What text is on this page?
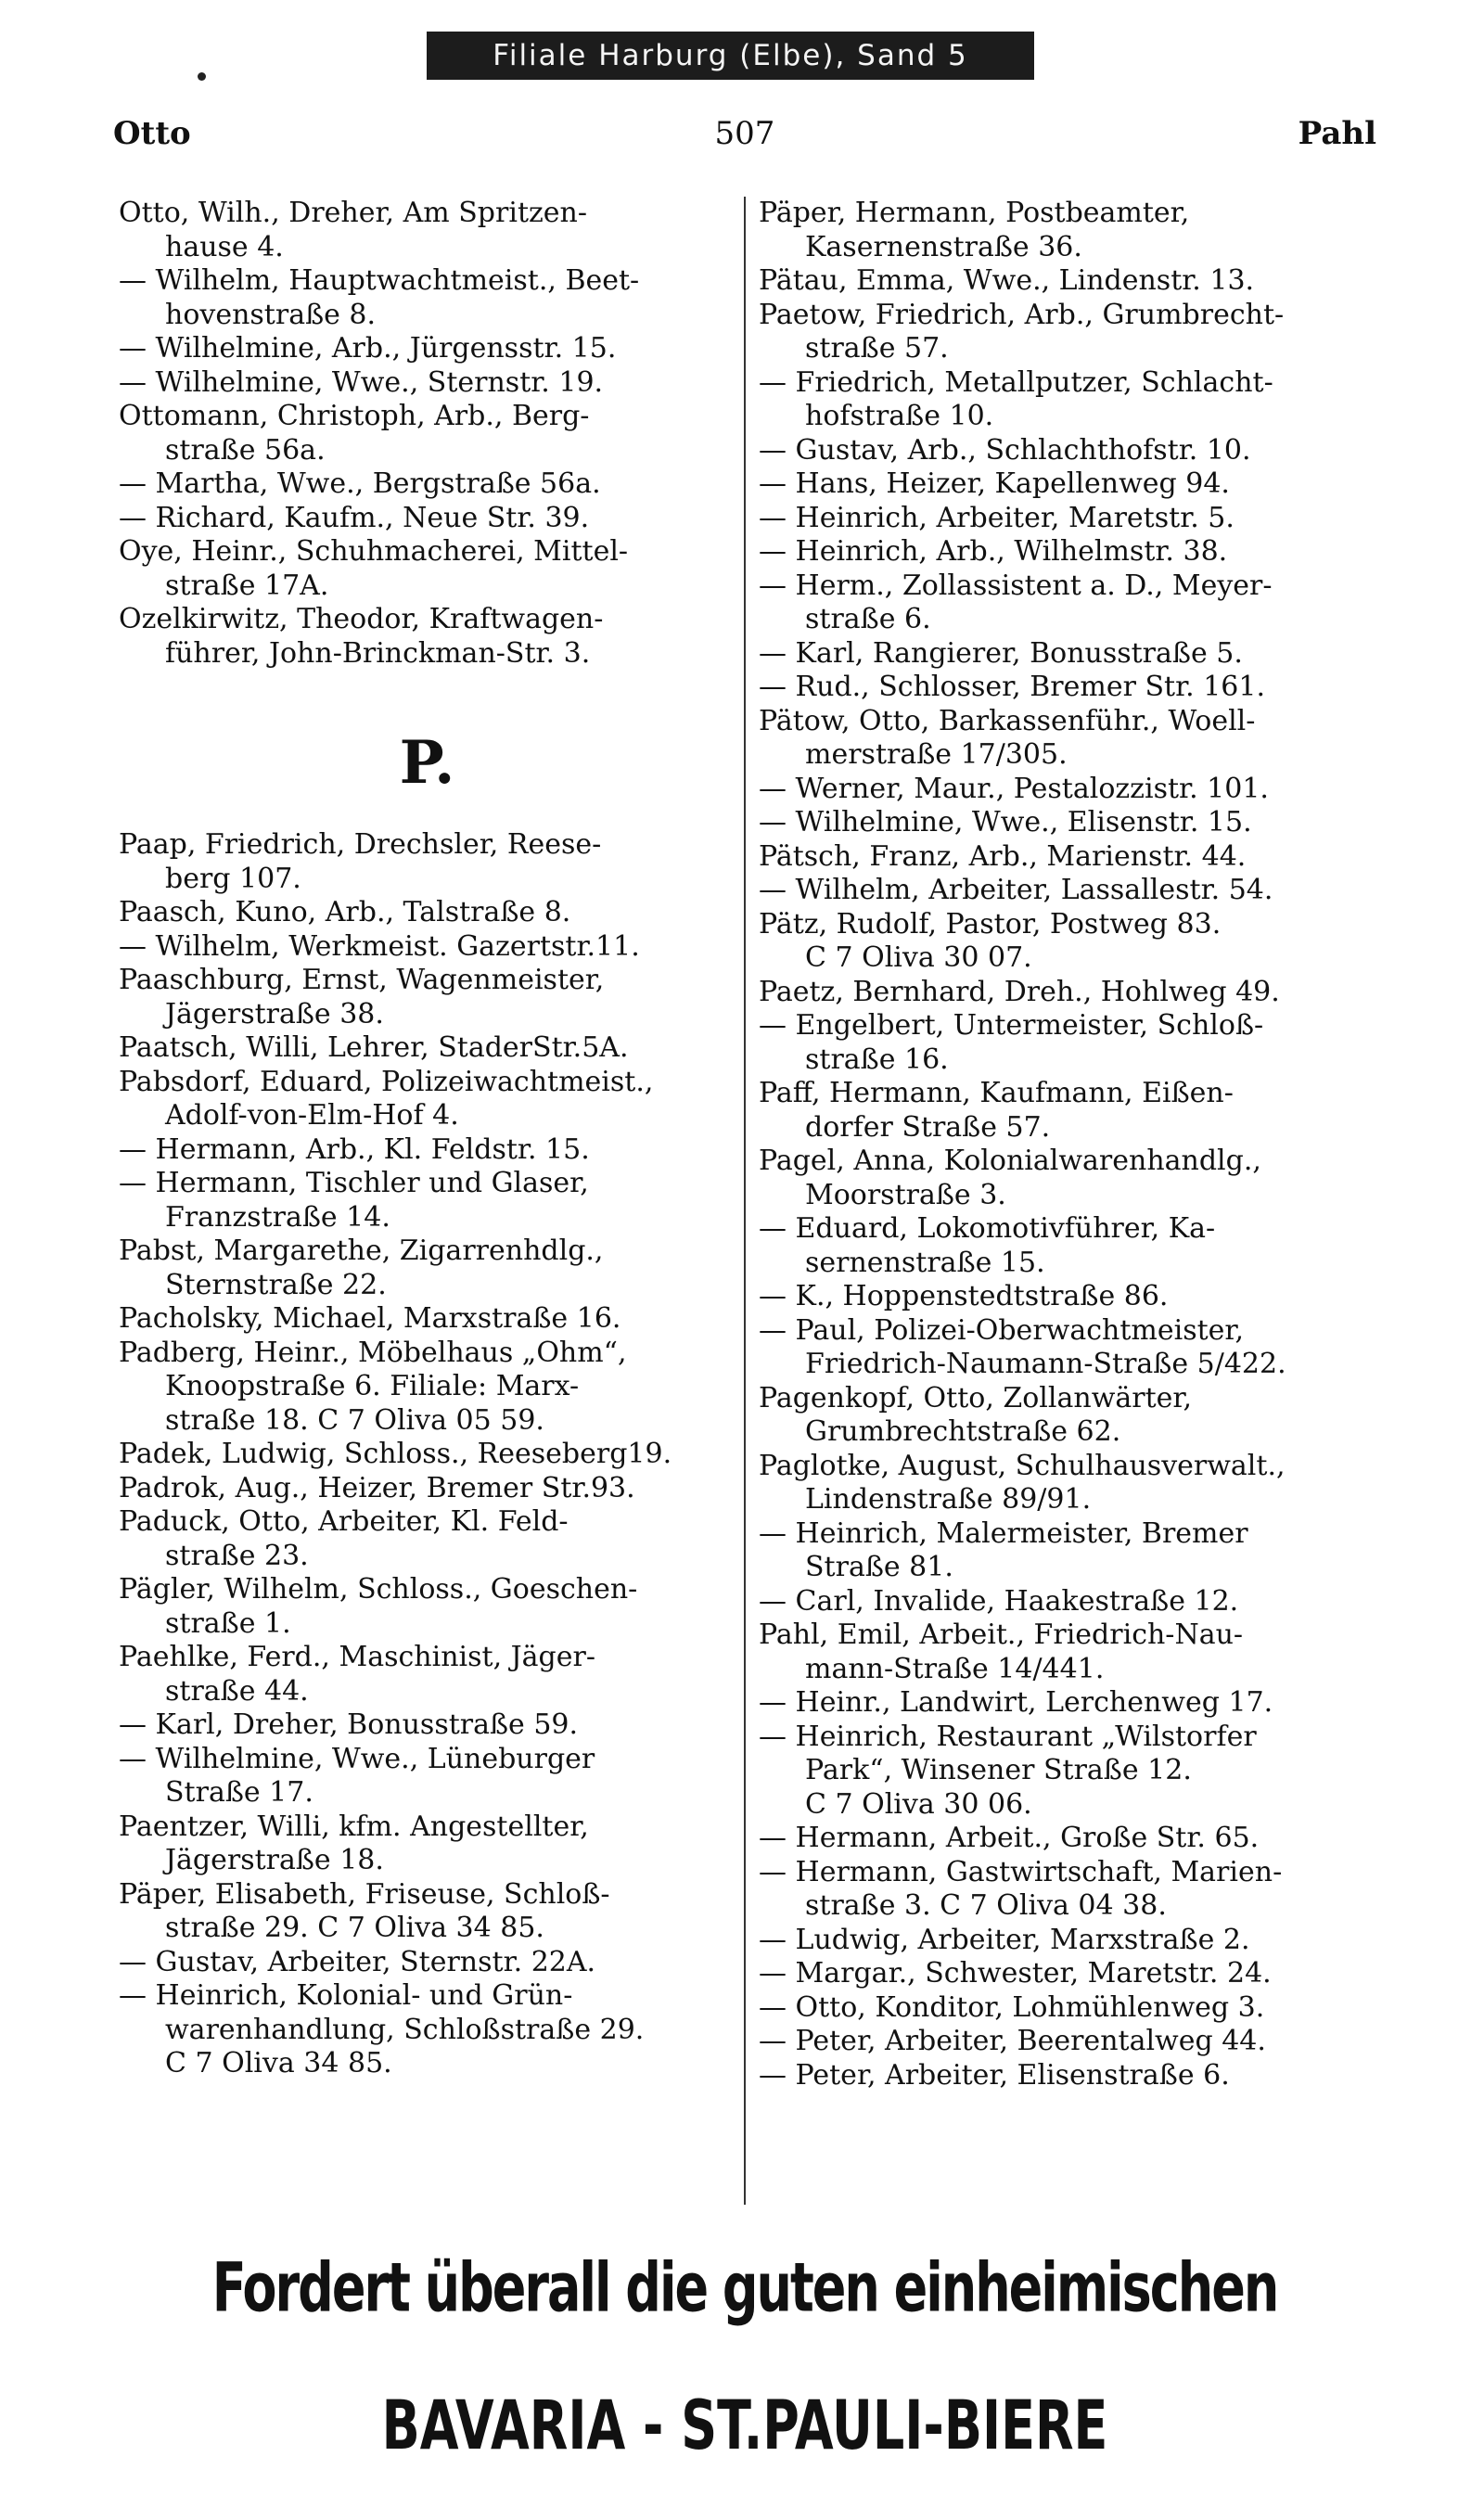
Filiale Harburg (Elbe), Sand 5
Otto	507	Pahl
Otto, Wilh., Dreher, Am Spritzen-
hause 4.
— Wilhelm, Hauptwachtmeist., Beet-
hovenstraße 8.
— Wilhelmine, Arb., Jürgensstr. 15.
— Wilhelmine, Wwe., Sternstr. 19.
Ottomann, Christoph, Arb., Berg-
straße 56a.
— Martha, Wwe., Bergstraße 56a.
— Richard, Kaufm., Neue Str. 39.
Oye, Heinr., Schuhmacherei, Mittel-
straße 17A.
Ozelkirwitz, Theodor, Kraftwagen-
führer, John-Brinckman-Str. 3.
P.
Paap, Friedrich, Drechsler, Reese-
berg 107.
Paasch, Kuno, Arb., Talstraße 8.
— Wilhelm, Werkmeist. Gazertstr.11.
Paaschburg, Ernst, Wagenmeister,
Jägerstraße 38.
Paatsch, Willi, Lehrer, StaderStr.5A.
Pabsdorf, Eduard, Polizeiwachtmeist.,
Adolf-von-Elm-Hof 4.
— Hermann, Arb., Kl. Feldstr. 15.
— Hermann, Tischler und Glaser,
Franzstraße 14.
Pabst, Margarethe, Zigarrenhdlg.,
Sternstraße 22.
Pacholsky, Michael, Marxstraße 16.
Padberg, Heinr., Möbelhaus „Ohm“,
Knoopstraße 6. Filiale: Marx-
straße 18. C 7 Oliva 05 59.
Padek, Ludwig, Schloss., Reeseberg19.
Padrok, Aug., Heizer, Bremer Str.93.
Paduck, Otto, Arbeiter, Kl. Feld-
straße 23.
Pägler, Wilhelm, Schloss., Goeschen-
straße 1.
Paehlke, Ferd., Maschinist, Jäger-
straße 44.
— Karl, Dreher, Bonusstraße 59.
— Wilhelmine, Wwe., Lüneburger
Straße 17.
Paentzer, Willi, kfm. Angestellter,
Jägerstraße 18.
Päper, Elisabeth, Friseuse, Schloß-
straße 29. C 7 Oliva 34 85.
— Gustav, Arbeiter, Sternstr. 22A.
— Heinrich, Kolonial- und Grün-
warenhandlung, Schloßstraße 29.
C 7 Oliva 34 85.
Päper, Hermann, Postbeamter,
Kasernenstraße 36.
Pätau, Emma, Wwe., Lindenstr. 13.
Paetow, Friedrich, Arb., Grumbrecht-
straße 57.
— Friedrich, Metallputzer, Schlacht-
hofstraße 10.
— Gustav, Arb., Schlachthofstr. 10.
— Hans, Heizer, Kapellenweg 94.
— Heinrich, Arbeiter, Maretstr. 5.
— Heinrich, Arb., Wilhelmstr. 38.
— Herm., Zollassistent a. D., Meyer-
straße 6.
— Karl, Rangierer, Bonusstraße 5.
— Rud., Schlosser, Bremer Str. 161.
Pätow, Otto, Barkassenführ., Woell-
merstraße 17/305.
— Werner, Maur., Pestalozzistr. 101.
— Wilhelmine, Wwe., Elisenstr. 15.
Pätsch, Franz, Arb., Marienstr. 44.
— Wilhelm, Arbeiter, Lassallestr. 54.
Pätz, Rudolf, Pastor, Postweg 83.
C 7 Oliva 30 07.
Paetz, Bernhard, Dreh., Hohlweg 49.
— Engelbert, Untermeister, Schloß-
straße 16.
Paff, Hermann, Kaufmann, Eißen-
dorfer Straße 57.
Pagel, Anna, Kolonialwarenhandlg.,
Moorstraße 3.
— Eduard, Lokomotivführer, Ka-
sernenstraße 15.
— K., Hoppenstedtstraße 86.
— Paul, Polizei-Oberwachtmeister,
Friedrich-Naumann-Straße 5/422.
Pagenkopf, Otto, Zollanwärter,
Grumbrechtstraße 62.
Paglotke, August, Schulhausverwalt.,
Lindenstraße 89/91.
— Heinrich, Malermeister, Bremer
Straße 81.
— Carl, Invalide, Haakestraße 12.
Pahl, Emil, Arbeit., Friedrich-Nau-
mann-Straße 14/441.
— Heinr., Landwirt, Lerchenweg 17.
— Heinrich, Restaurant „Wilstorfer
Park“, Winsener Straße 12.
C 7 Oliva 30 06.
— Hermann, Arbeit., Große Str. 65.
— Hermann, Gastwirtschaft, Marien-
straße 3. C 7 Oliva 04 38.
— Ludwig, Arbeiter, Marxstraße 2.
— Margar., Schwester, Maretstr. 24.
— Otto, Konditor, Lohmühlenweg 3.
— Peter, Arbeiter, Beerentalweg 44.
— Peter, Arbeiter, Elisenstraße 6.
Fordert überall die guten einheimischen BAVARIA - ST.PAULI-BIERE
